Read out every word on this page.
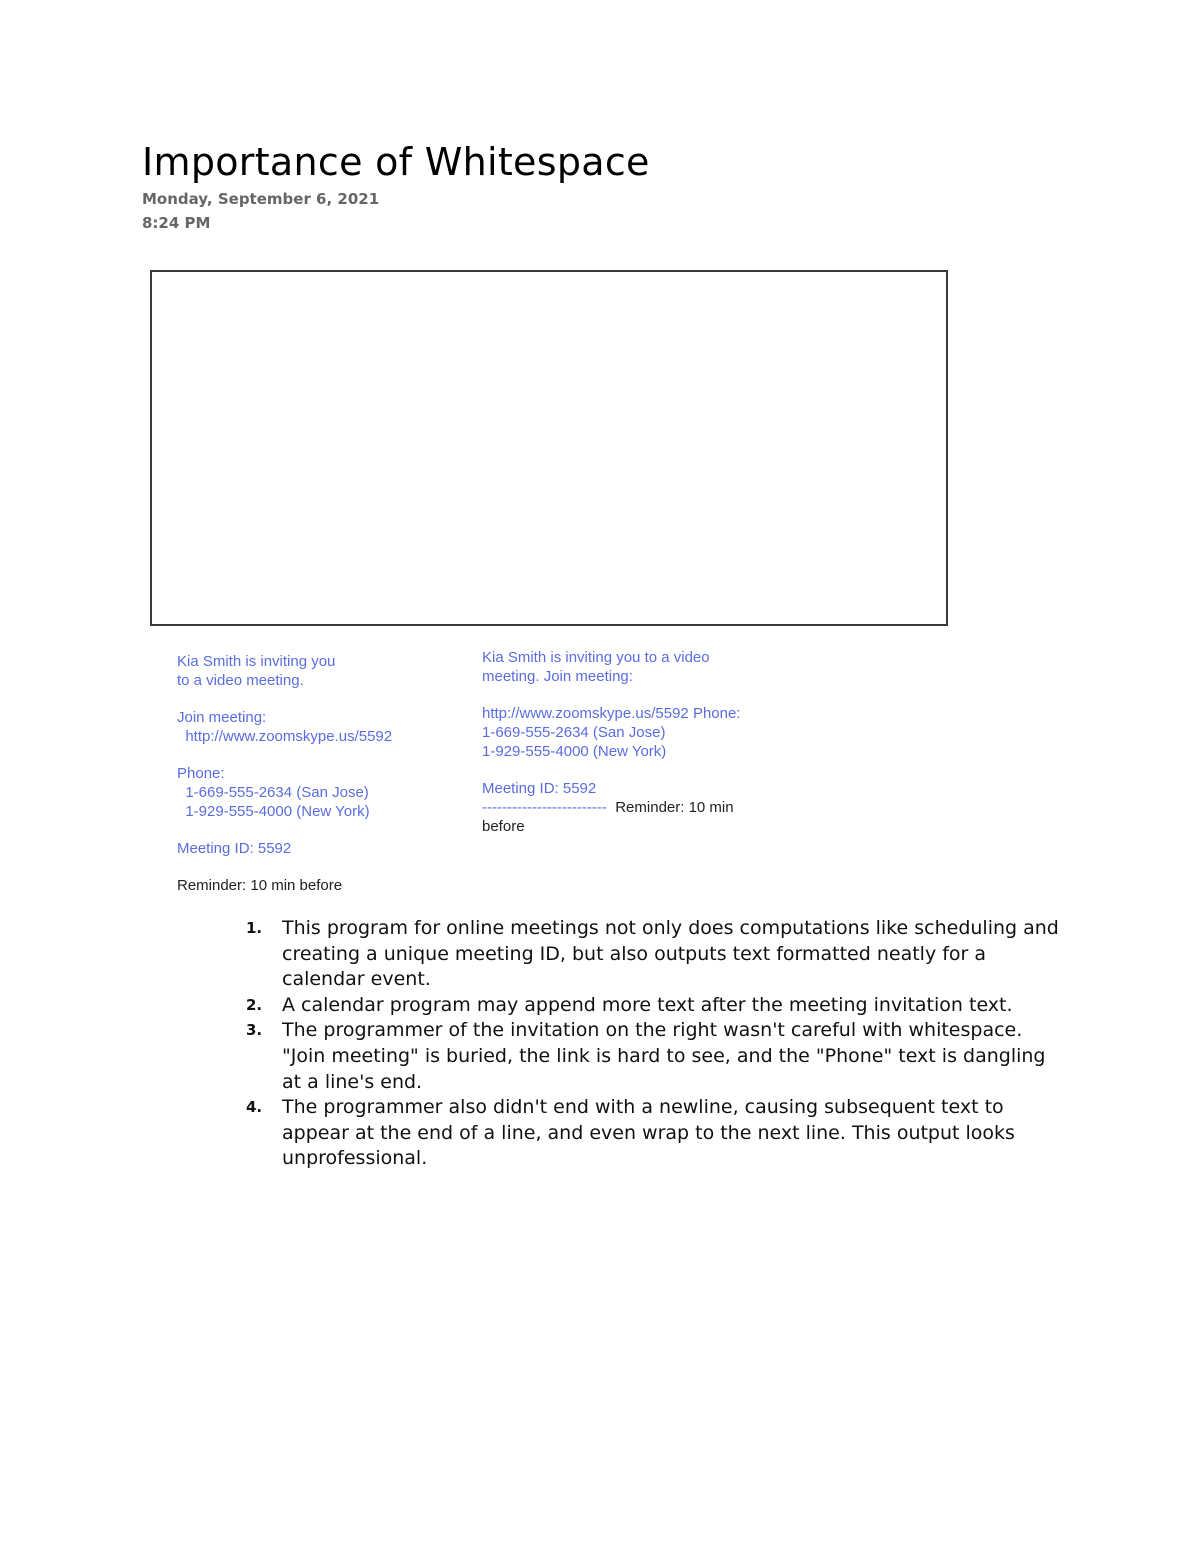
Importance of Whitespace
Monday, September 6, 2021
8:24 PM
Kia Smith is inviting you
to a video meeting.
Join meeting:
http://www.zoomskype.us/5592
Phone:
1-669-555-2634 (San Jose)
1-929-555-4000 (New York)
Meeting ID: 5592
Reminder: 10 min before
Kia Smith is inviting you to a video
meeting. Join meeting:
http://www.zoomskype.us/5592 Phone:
1-669-555-2634 (San Jose)
1-929-555-4000 (New York)
Meeting ID: 5592
-------------------------  Reminder: 10 min
before
1. This program for online meetings not only does computations like scheduling and creating a unique meeting ID, but also outputs text formatted neatly for a calendar event.
2. A calendar program may append more text after the meeting invitation text.
3. The programmer of the invitation on the right wasn't careful with whitespace. "Join meeting" is buried, the link is hard to see, and the "Phone" text is dangling at a line's end.
4. The programmer also didn't end with a newline, causing subsequent text to appear at the end of a line, and even wrap to the next line. This output looks unprofessional.
